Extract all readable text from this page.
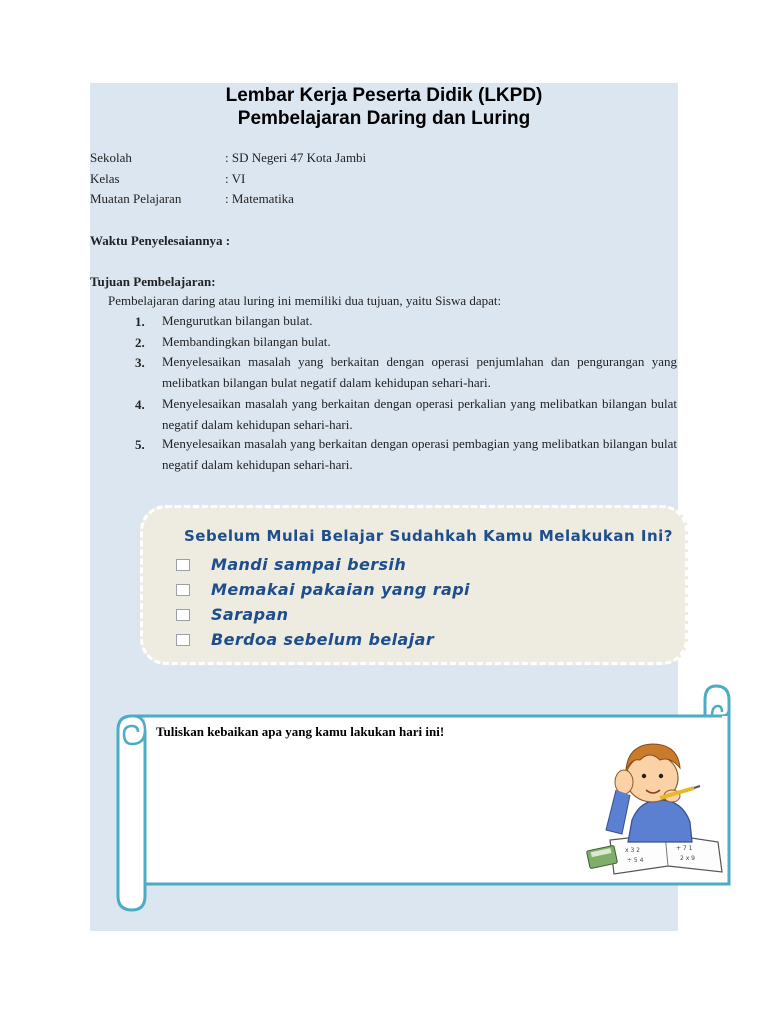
Lembar Kerja Peserta Didik (LKPD)
Pembelajaran Daring dan Luring
Sekolah	: SD Negeri 47 Kota Jambi
Kelas	: VI
Muatan Pelajaran	: Matematika
Waktu Penyelesaiannya :
Tujuan Pembelajaran:
Pembelajaran daring atau luring ini memiliki dua tujuan, yaitu Siswa dapat:
1. Mengurutkan bilangan bulat.
2. Membandingkan bilangan bulat.
3. Menyelesaikan masalah yang berkaitan dengan operasi penjumlahan dan pengurangan yang melibatkan bilangan bulat negatif dalam kehidupan sehari-hari.
4. Menyelesaikan masalah yang berkaitan dengan operasi perkalian yang melibatkan bilangan bulat negatif dalam kehidupan sehari-hari.
5. Menyelesaikan masalah yang berkaitan dengan operasi pembagian yang melibatkan bilangan bulat negatif dalam kehidupan sehari-hari.
Sebelum Mulai Belajar Sudahkah Kamu Melakukan Ini?
Mandi sampai bersih
Memakai pakaian yang rapi
Sarapan
Berdoa sebelum belajar
x 3 2
÷ 5 4
+ 7 1
2 x 9
Tuliskan kebaikan apa yang kamu lakukan hari ini!
